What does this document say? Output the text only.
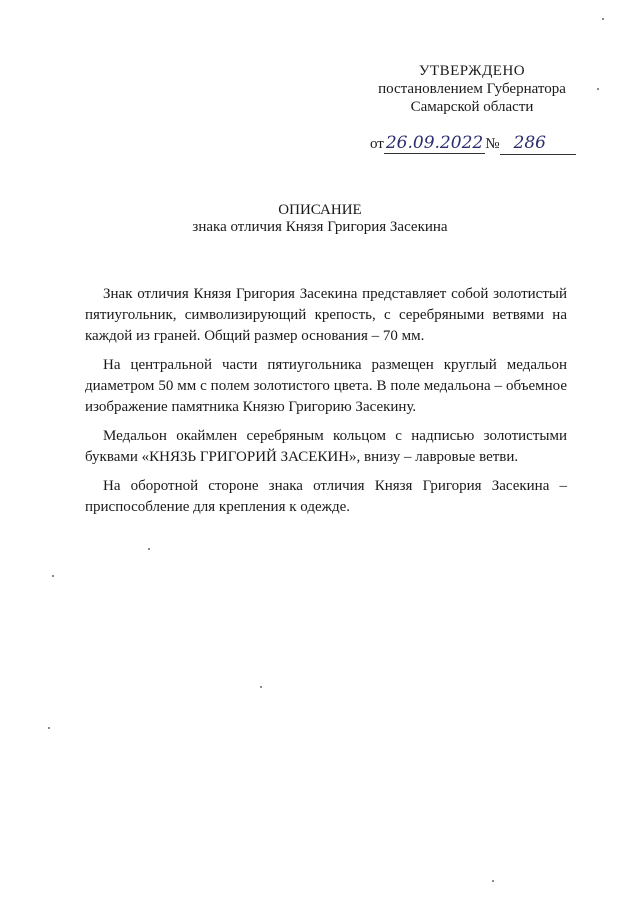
УТВЕРЖДЕНО
постановлением Губернатора
Самарской области
от 26.09.2022 № 286
ОПИСАНИЕ
знака отличия Князя Григория Засекина

Знак отличия Князя Григория Засекина представляет собой золотистый пятиугольник, символизирующий крепость, с серебряными ветвями на каждой из граней. Общий размер основания – 70 мм.

На центральной части пятиугольника размещен круглый медальон диаметром 50 мм с полем золотистого цвета. В поле медальона – объемное изображение памятника Князю Григорию Засекину.

Медальон окаймлен серебряным кольцом с надписью золотистыми буквами «КНЯЗЬ ГРИГОРИЙ ЗАСЕКИН», внизу – лавровые ветви.

На оборотной стороне знака отличия Князя Григория Засекина – приспособление для крепления к одежде.
